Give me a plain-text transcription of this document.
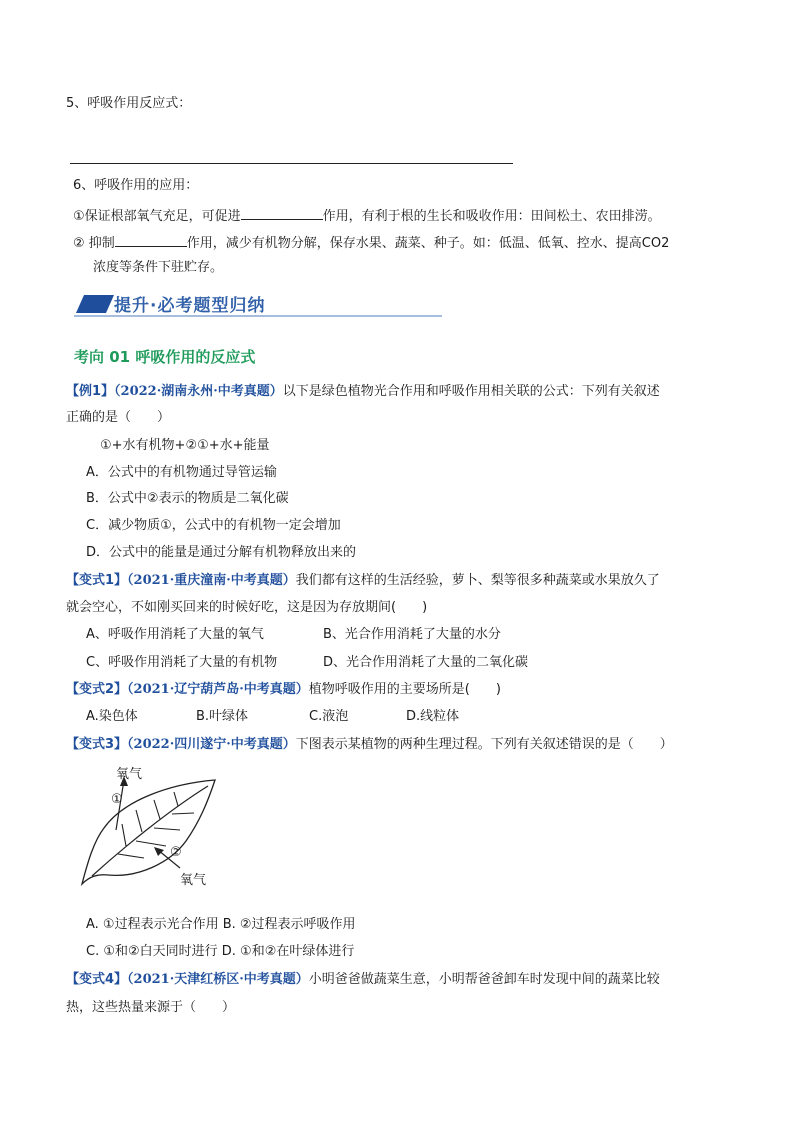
5、呼吸作用反应式：
6、呼吸作用的应用：
①保证根部氧气充足，可促进	作用，有利于根的生长和吸收作用：田间松土、农田排涝。
② 抑制	作用，减少有机物分解，保存水果、蔬菜、种子。如：低温、低氧、控水、提高CO2
浓度等条件下驻贮存。
提升·必考题型归纳
考向 01 呼吸作用的反应式
【例1】（2022·湖南永州·中考真题）以下是绿色植物光合作用和呼吸作用相关联的公式：下列有关叙述
正确的是（　　）
①+水有机物+②①+水+能量
A．公式中的有机物通过导管运输
B．公式中②表示的物质是二氧化碳
C．减少物质①，公式中的有机物一定会增加
D．公式中的能量是通过分解有机物释放出来的
【变式1】（2021·重庆潼南·中考真题）我们都有这样的生活经验，萝卜、梨等很多种蔬菜或水果放久了
就会空心，不如刚买回来的时候好吃，这是因为存放期间(　　)
A、呼吸作用消耗了大量的氧气	B、光合作用消耗了大量的水分
C、呼吸作用消耗了大量的有机物	D、光合作用消耗了大量的二氧化碳
【变式2】（2021·辽宁葫芦岛·中考真题）植物呼吸作用的主要场所是(　　)
A.染色体	B.叶绿体	C.液泡	D.线粒体
【变式3】（2022·四川遂宁·中考真题）下图表示某植物的两种生理过程。下列有关叙述错误的是（　　）
氧气
①
②
氧气
A. ①过程表示光合作用 B. ②过程表示呼吸作用
C. ①和②白天同时进行 D. ①和②在叶绿体进行
【变式4】（2021·天津红桥区·中考真题）小明爸爸做蔬菜生意，小明帮爸爸卸车时发现中间的蔬菜比较
热，这些热量来源于（　　）
